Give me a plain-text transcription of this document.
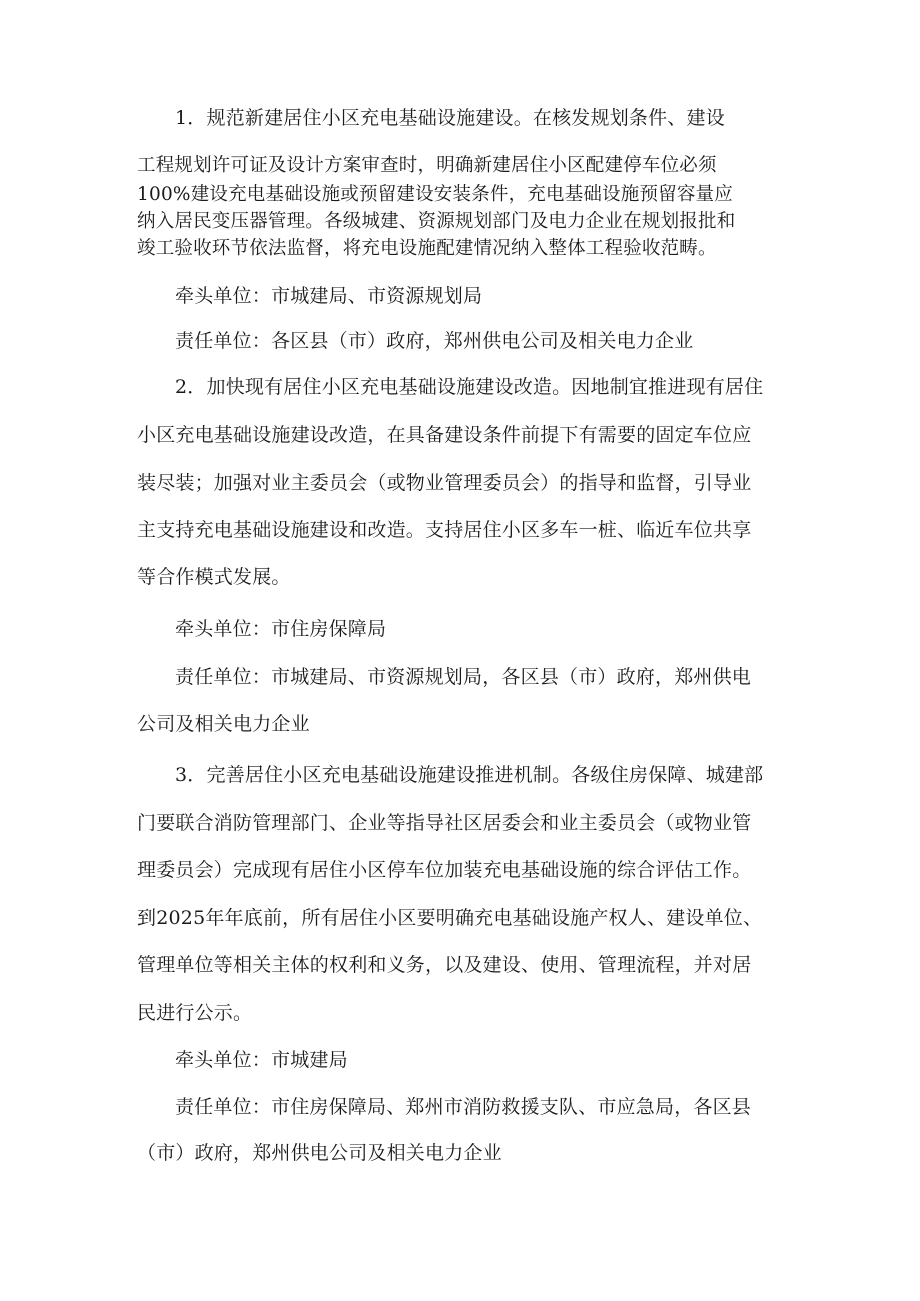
1．规范新建居住小区充电基础设施建设。在核发规划条件、建设
工程规划许可证及设计方案审查时，明确新建居住小区配建停车位必须
100%建设充电基础设施或预留建设安装条件，充电基础设施预留容量应
纳入居民变压器管理。各级城建、资源规划部门及电力企业在规划报批和
竣工验收环节依法监督，将充电设施配建情况纳入整体工程验收范畴。
牵头单位：市城建局、市资源规划局
责任单位：各区县（市）政府，郑州供电公司及相关电力企业
2．加快现有居住小区充电基础设施建设改造。因地制宜推进现有居住
小区充电基础设施建设改造，在具备建设条件前提下有需要的固定车位应
装尽装；加强对业主委员会（或物业管理委员会）的指导和监督，引导业
主支持充电基础设施建设和改造。支持居住小区多车一桩、临近车位共享
等合作模式发展。
牵头单位：市住房保障局
责任单位：市城建局、市资源规划局，各区县（市）政府，郑州供电
公司及相关电力企业
3．完善居住小区充电基础设施建设推进机制。各级住房保障、城建部
门要联合消防管理部门、企业等指导社区居委会和业主委员会（或物业管
理委员会）完成现有居住小区停车位加装充电基础设施的综合评估工作。
到2025年年底前，所有居住小区要明确充电基础设施产权人、建设单位、
管理单位等相关主体的权利和义务，以及建设、使用、管理流程，并对居
民进行公示。
牵头单位：市城建局
责任单位：市住房保障局、郑州市消防救援支队、市应急局，各区县
（市）政府，郑州供电公司及相关电力企业
